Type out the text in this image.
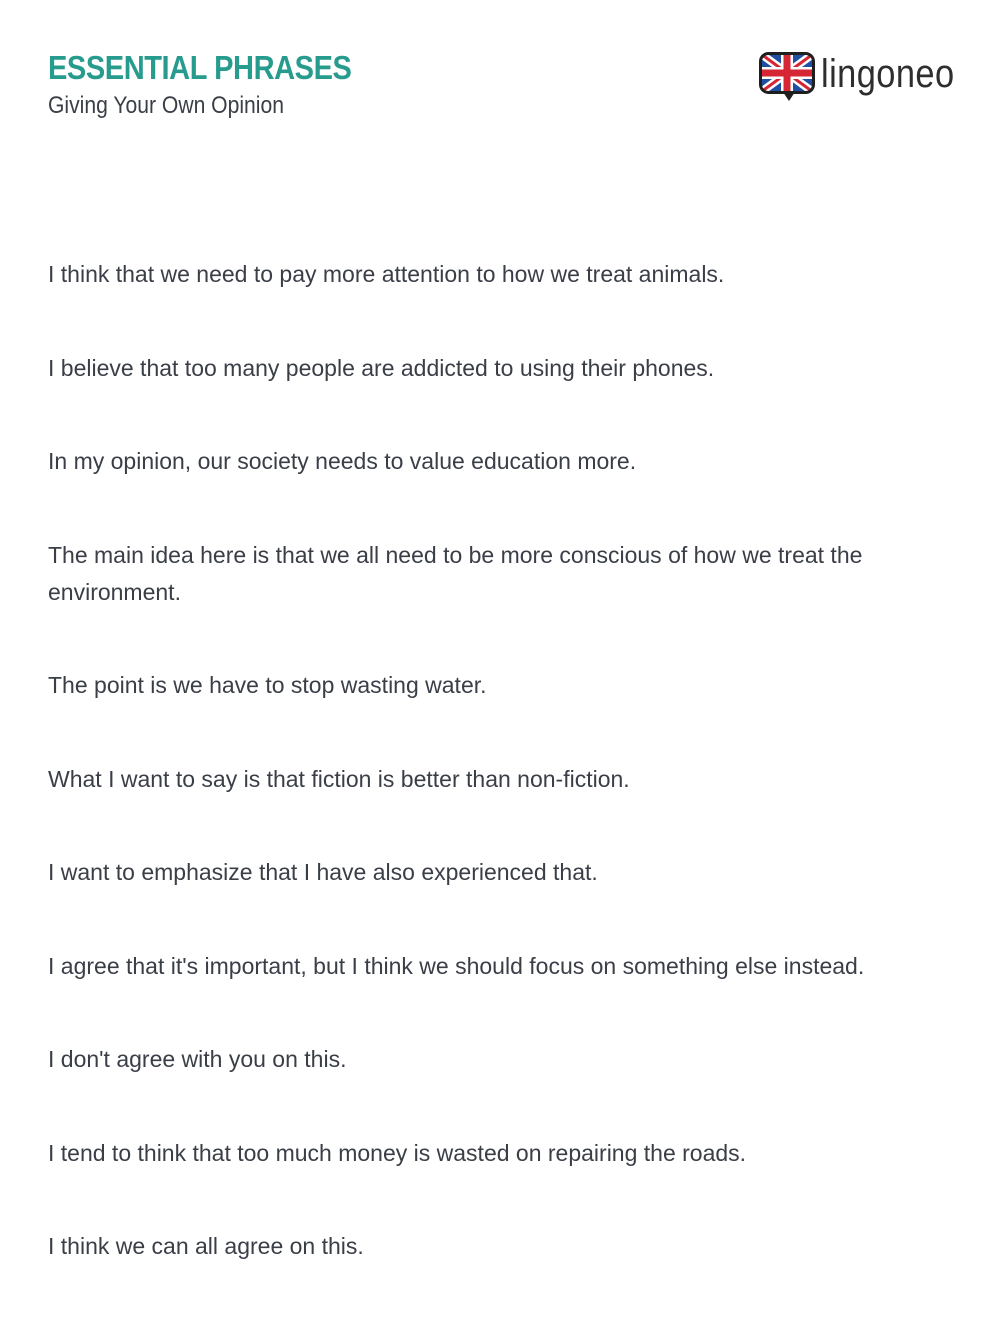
ESSENTIAL PHRASES
Giving Your Own Opinion
lingoneo
I think that we need to pay more attention to how we treat animals.
I believe that too many people are addicted to using their phones.
In my opinion, our society needs to value education more.
The main idea here is that we all need to be more conscious of how we treat the environment.
The point is we have to stop wasting water.
What I want to say is that fiction is better than non-fiction.
I want to emphasize that I have also experienced that.
I agree that it's important, but I think we should focus on something else instead.
I don't agree with you on this.
I tend to think that too much money is wasted on repairing the roads.
I think we can all agree on this.
